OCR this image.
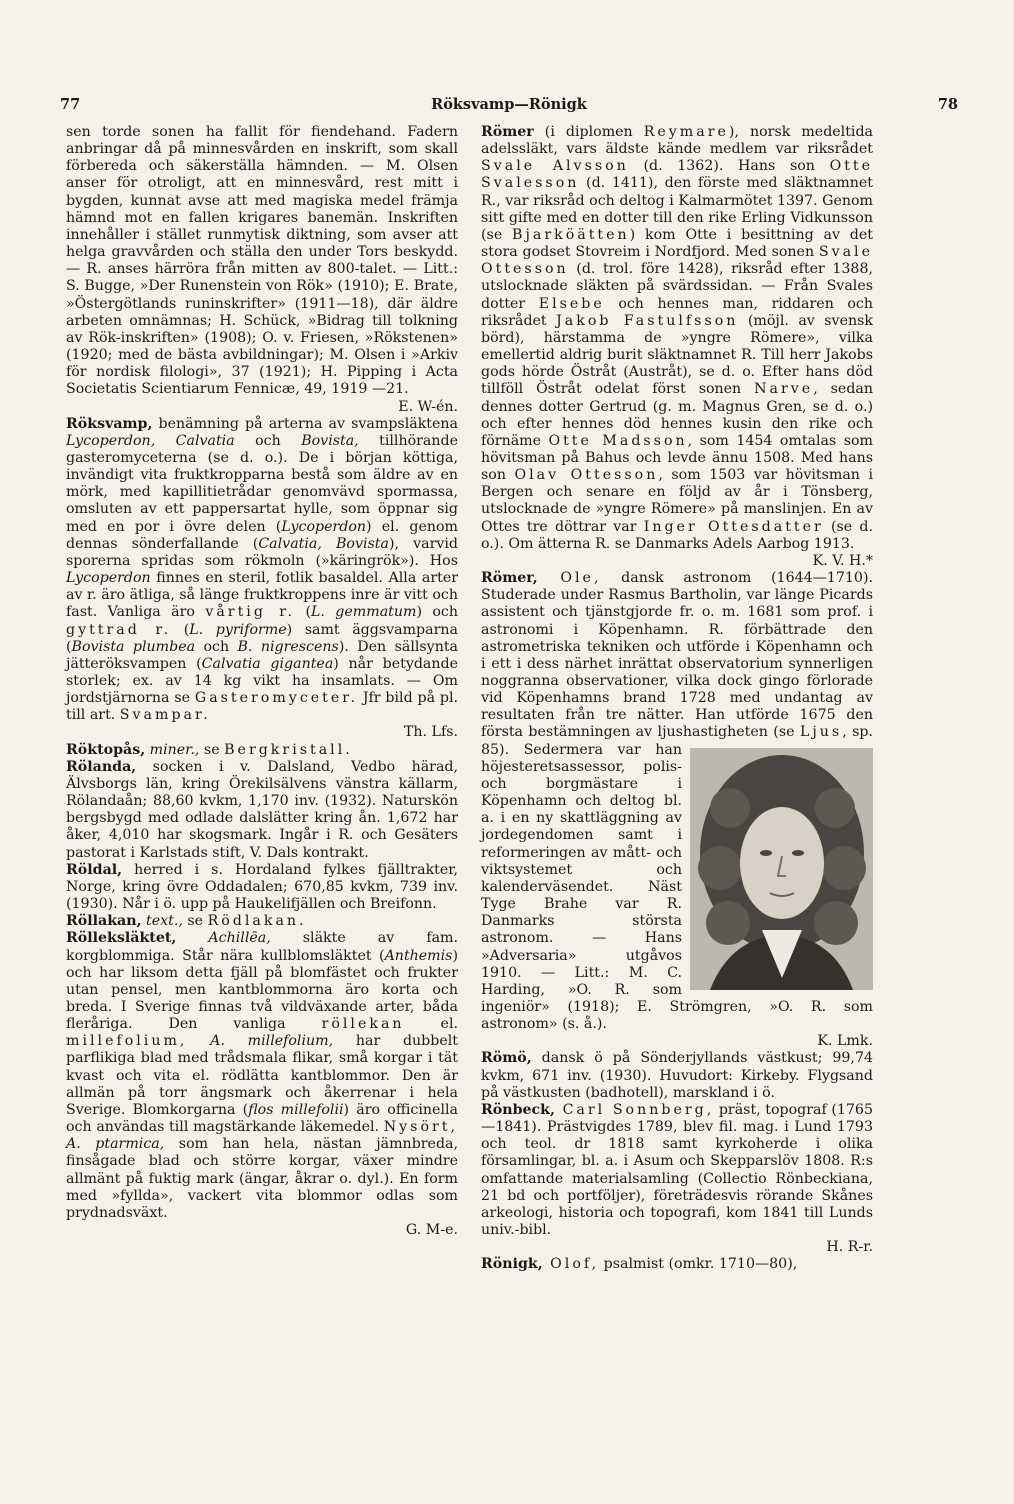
77	Röksvamp—Rönigk	78

sen torde sonen ha fallit för fiendehand. Fadern anbringar då på minnesvården en inskrift, som skall förbereda och säkerställa hämnden. — M. Olsen anser för otroligt, att en minnesvård, rest mitt i bygden, kunnat avse att med magiska medel främja hämnd mot en fallen krigares banemän. Inskriften innehåller i stället runmytisk diktning, som avser att helga gravvården och ställa den under Tors beskydd. — R. anses härröra från mitten av 800-talet. — Litt.: S. Bugge, »Der Runenstein von Rök» (1910); E. Brate, »Östergötlands runinskrifter» (1911—18), där äldre arbeten omnämnas; H. Schück, »Bidrag till tolkning av Rök-inskriften» (1908); O. v. Friesen, »Rökstenen» (1920; med de bästa avbildningar); M. Olsen i »Arkiv för nordisk filologi», 37 (1921); H. Pipping i Acta Societatis Scientiarum Fennicæ, 49, 1919 —21.
E. W-én.

Röksvamp, benämning på arterna av svampsläktena Lycoperdon, Calvatia och Bovista, tillhörande gasteromyceterna (se d. o.). De i början köttiga, invändigt vita fruktkropparna bestå som äldre av en mörk, med kapillitietrådar genomvävd spormassa, omsluten av ett pappersartat hylle, som öppnar sig med en por i övre delen (Lycoperdon) el. genom dennas sönderfallande (Calvatia, Bovista), varvid sporerna spridas som rökmoln (»käringrök»). Hos Lycoperdon finnes en steril, fotlik basaldel. Alla arter av r. äro ätliga, så länge fruktkroppens inre är vitt och fast. Vanliga äro vårtig r. (L. gemmatum) och gyttrad r. (L. pyriforme) samt äggsvamparna (Bovista plumbea och B. nigrescens). Den sällsynta jätteröksvampen (Calvatia gigantea) når betydande storlek; ex. av 14 kg vikt ha insamlats. — Om jordstjärnorna se Gasteromyceter. Jfr bild på pl. till art. Svampar.
Th. Lfs.

Röktopås, miner., se Bergkristall.

Rölanda, socken i v. Dalsland, Vedbo härad, Älvsborgs län, kring Örekilsälvens vänstra källarm, Rölandaån; 88,60 kvkm, 1,170 inv. (1932). Naturskön bergsbygd med odlade dalslätter kring ån. 1,672 har åker, 4,010 har skogsmark. Ingår i R. och Gesäters pastorat i Karlstads stift, V. Dals kontrakt.

Röldal, herred i s. Hordaland fylkes fjälltrakter, Norge, kring övre Oddadalen; 670,85 kvkm, 739 inv. (1930). Når i ö. upp på Haukelifjällen och Breifonn.

Röllakan, text., se Rödlakan.

Rölleksläktet, Achillēa, släkte av fam. korgblommiga. Står nära kullblomsläktet (Anthemis) och har liksom detta fjäll på blomfästet och frukter utan pensel, men kantblommorna äro korta och breda. I Sverige finnas två vildväxande arter, båda fleråriga. Den vanliga röllekan el. millefolium, A. millefolium, har dubbelt parflikiga blad med trådsmala flikar, små korgar i tät kvast och vita el. rödlätta kantblommor. Den är allmän på torr ängsmark och åkerrenar i hela Sverige. Blomkorgarna (flos millefolii) äro officinella och användas till magstärkande läkemedel. Nysört, A. ptarmica, som han hela, nästan jämnbreda, finsågade blad och större korgar, växer mindre allmänt på fuktig mark (ängar, åkrar o. dyl.). En form med »fyllda», vackert vita blommor odlas som prydnadsväxt.
G. M-e.

Römer (i diplomen Reymare), norsk medeltida adelssläkt, vars äldste kände medlem var riksrådet Svale Alvsson (d. 1362). Hans son Otte Svalesson (d. 1411), den förste med släktnamnet R., var riksråd och deltog i Kalmarmötet 1397. Genom sitt gifte med en dotter till den rike Erling Vidkunsson (se Bjarköätten) kom Otte i besittning av det stora godset Stovreim i Nordfjord. Med sonen Svale Ottesson (d. trol. före 1428), riksråd efter 1388, utslocknade släkten på svärdssidan. — Från Svales dotter Elsebe och hennes man, riddaren och riksrådet Jakob Fastulfsson (möjl. av svensk börd), härstamma de »yngre Römere», vilka emellertid aldrig burit släktnamnet R. Till herr Jakobs gods hörde Östråt (Austråt), se d. o. Efter hans död tillföll Östråt odelat först sonen Narve, sedan dennes dotter Gertrud (g. m. Magnus Gren, se d. o.) och efter hennes död hennes kusin den rike och förnäme Otte Madsson, som 1454 omtalas som hövitsman på Bahus och levde ännu 1508. Med hans son Olav Ottesson, som 1503 var hövitsman i Bergen och senare en följd av år i Tönsberg, utslocknade de »yngre Römere» på manslinjen. En av Ottes tre döttrar var Inger Ottesdatter (se d. o.). Om ätterna R. se Danmarks Adels Aarbog 1913.
K. V. H.*

Römer, Ole, dansk astronom (1644—1710). Studerade under Rasmus Bartholin, var länge Picards assistent och tjänstgjorde fr. o. m. 1681 som prof. i astronomi i Köpenhamn. R. förbättrade den astrometriska tekniken och utförde i Köpenhamn och i ett i dess närhet inrättat observatorium synnerligen noggranna observationer, vilka dock gingo förlorade vid Köpenhamns brand 1728 med undantag av resultaten från tre nätter. Han utförde 1675 den första bestämningen av ljushastigheten (se
Ljus, sp. 85). Sedermera var han höjesteretsassessor, polis- och borgmästare i Köpenhamn och deltog bl. a. i en ny skattläggning av jordegendomen samt i reformeringen av mått- och viktsystemet och kalenderväsendet. Näst Tyge Brahe var R. Danmarks största astronom. — Hans »Adversaria» utgåvos 1910. — Litt.: M. C. Harding, »O. R. som ingeniör» (1918); E. Strömgren, »O. R. som astronom» (s. å.).
K. Lmk.

Römö, dansk ö på Sönderjyllands västkust; 99,74 kvkm, 671 inv. (1930). Huvudort: Kirkeby. Flygsand på västkusten (badhotell), marskland i ö.

Rönbeck, Carl Sonnberg, präst, topograf (1765—1841). Prästvigdes 1789, blev fil. mag. i Lund 1793 och teol. dr 1818 samt kyrkoherde i olika församlingar, bl. a. i Asum och Skepparslöv 1808. R:s omfattande materialsamling (Collectio Rönbeckiana, 21 bd och portföljer), företrädesvis rörande Skånes arkeologi, historia och topografi, kom 1841 till Lunds univ.-bibl.
H. R-r.

Rönigk, Olof, psalmist (omkr. 1710—80),
